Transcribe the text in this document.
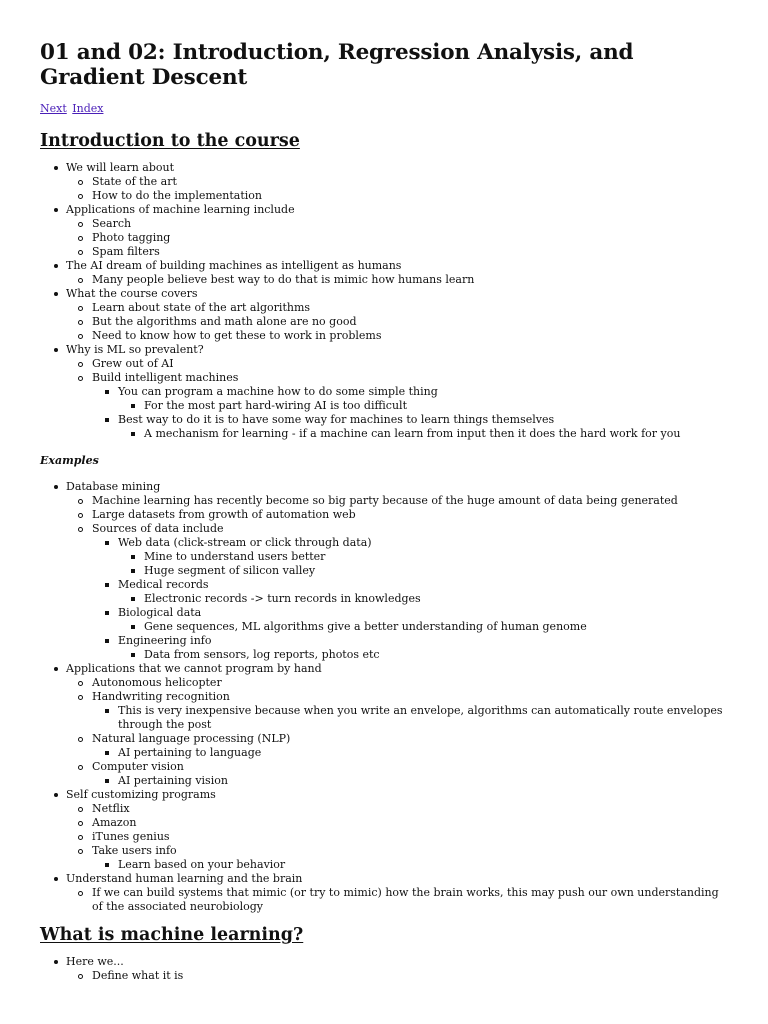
01 and 02: Introduction, Regression Analysis, and Gradient Descent
Next Index
Introduction to the course
We will learn about
State of the art
How to do the implementation
Applications of machine learning include
Search
Photo tagging
Spam filters
The AI dream of building machines as intelligent as humans
Many people believe best way to do that is mimic how humans learn
What the course covers
Learn about state of the art algorithms
But the algorithms and math alone are no good
Need to know how to get these to work in problems
Why is ML so prevalent?
Grew out of AI
Build intelligent machines
You can program a machine how to do some simple thing
For the most part hard-wiring AI is too difficult
Best way to do it is to have some way for machines to learn things themselves
A mechanism for learning - if a machine can learn from input then it does the hard work for you
Examples
Database mining
Machine learning has recently become so big party because of the huge amount of data being generated
Large datasets from growth of automation web
Sources of data include
Web data (click-stream or click through data)
Mine to understand users better
Huge segment of silicon valley
Medical records
Electronic records -> turn records in knowledges
Biological data
Gene sequences, ML algorithms give a better understanding of human genome
Engineering info
Data from sensors, log reports, photos etc
Applications that we cannot program by hand
Autonomous helicopter
Handwriting recognition
This is very inexpensive because when you write an envelope, algorithms can automatically route envelopes through the post
Natural language processing (NLP)
AI pertaining to language
Computer vision
AI pertaining vision
Self customizing programs
Netflix
Amazon
iTunes genius
Take users info
Learn based on your behavior
Understand human learning and the brain
If we can build systems that mimic (or try to mimic) how the brain works, this may push our own understanding of the associated neurobiology
What is machine learning?
Here we...
Define what it is
